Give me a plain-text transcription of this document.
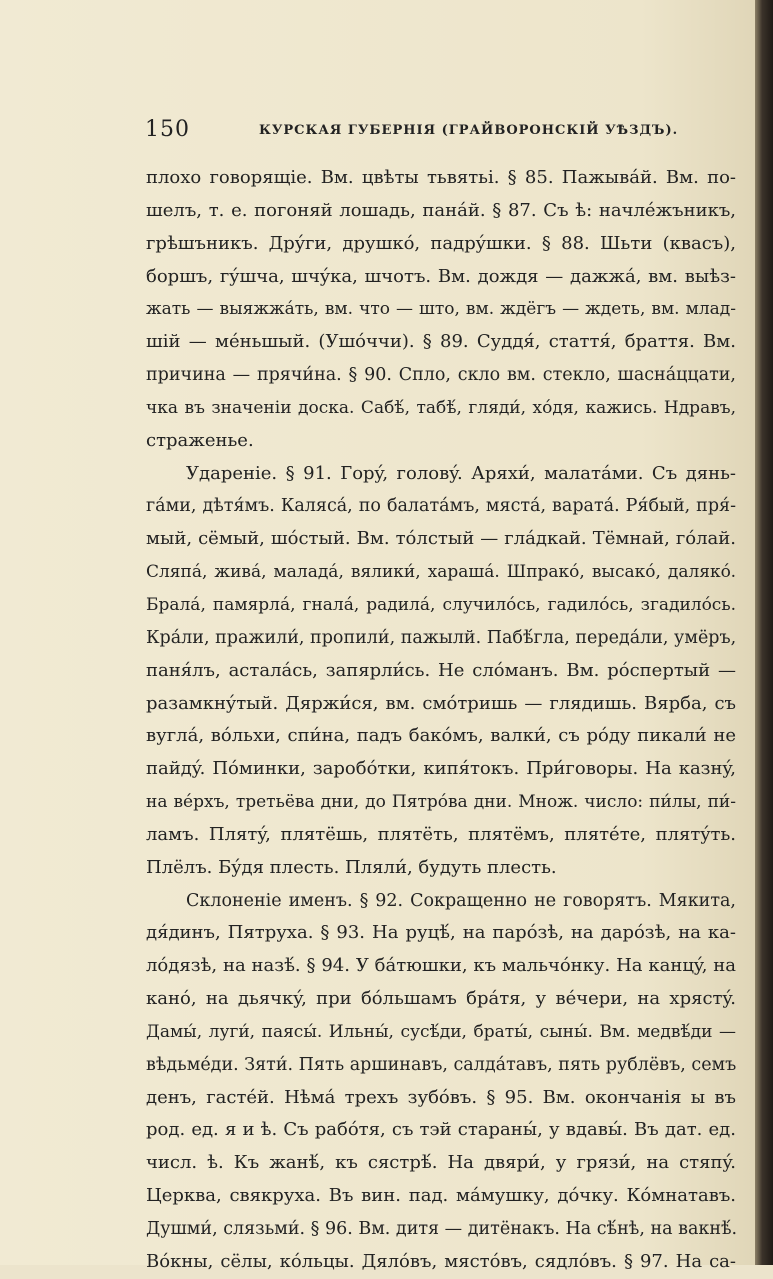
150	КУРСКАЯ ГУБЕРНІЯ (ГРАЙВОРОНСКІЙ УѢЗДЪ).
плохо говорящіе. Вм. цвѣты тьвятьі. § 85. Пажывáй. Вм. по-
шелъ, т. е. погоняй лошадь, панáй. § 87. Съ ѣ: начлéжъникъ,
грѣшъникъ. Дрýги, друшкó, падрýшки. § 88. Шьти (квасъ),
боршъ, гýшча, шчýка, шчотъ. Вм. дождя — дажжá, вм. выѣз-
жать — выяжжáть, вм. что — што, вм. ждёгъ — ждеть, вм. млад-
шій — мéньшый. (Ушóччи). § 89. Суддя́, стаття́, браття. Вм.
причина — прячи́на. § 90. Спло, скло вм. стекло, шаснáццати,
чка въ значеніи доска. Сабѣ́, табѣ́, гляди́, хóдя, кажись. Ндравъ,
страженье.
Удареніе. § 91. Горý, головý. Аряхи́, малатáми. Съ дянь-
гáми, дѣтя́мъ. Калясá, по балатáмъ, мястá, варатá. Ря́бый, пря́-
мый, сёмый, шóстый. Вм. тóлстый — глáдкай. Тёмнай, гóлай.
Сляпá, живá, маладá, вялики́, харашá. Шпракó, высакó, далякó.
Бралá, памярлá, гналá, радилá, случилóсь, гадилóсь, згадилóсь.
Крáли, пражили́, пропили́, пажылй. Пабѣ́гла, передáли, умёръ,
паня́лъ, асталáсь, запярли́сь. Не слóманъ. Вм. рóспертый —
разамкнýтый. Дяржи́ся, вм. смóтришь — глядишь. Вярба, съ
вуглá, вóльхи, спи́на, падъ бакóмъ, валки́, съ рóду пикали́ не
пайдý. Пóминки, заробóтки, кипя́токъ. При́говоры. На казнý,
на вéрхъ, третьёва дни, до Пятрóва дни. Множ. число: пи́лы, пи́-
ламъ. Плятý, плятёшь, плятёть, плятёмъ, плятéте, плятýть.
Плёлъ. Бýдя плесть. Пляли́, будуть плесть.
Склоненіе именъ. § 92. Сокращенно не говорятъ. Мякита,
дя́динъ, Пятруха. § 93. На руцѣ́, на парóзѣ, на дарóзѣ, на ка-
лóдязѣ, на назѣ́. § 94. У бáтюшки, къ мальчóнку. На канцý, на
канó, на дьячкý, при бóльшамъ брáтя, у вéчери, на хрястý.
Дамы́, луги́, паясы́. Ильны́, сусѣ́ди, браты́, сыны́. Вм. медвѣ́ди —
вѣдьмéди. Зяти́. Пять аршинавъ, салдáтавъ, пять рублёвъ, семъ
денъ, гастéй. Нѣмá трехъ зубóвъ. § 95. Вм. окончанія ы въ
род. ед. я и ѣ. Съ рабóтя, съ тэй стараны́, у вдавы́. Въ дат. ед.
числ. ѣ. Къ жанѣ́, къ сястрѣ́. На двяри́, у грязи́, на стяпý.
Церква, свякруха. Въ вин. пад. мáмушку, дóчку. Кóмнатавъ.
Душми́, слязьми́. § 96. Вм. дитя — дитёнакъ. На сѣ́нѣ, на вакнѣ́.
Вóкны, сёлы, кóльцы. Дялóвъ, мястóвъ, сядлóвъ. § 97. На са-
